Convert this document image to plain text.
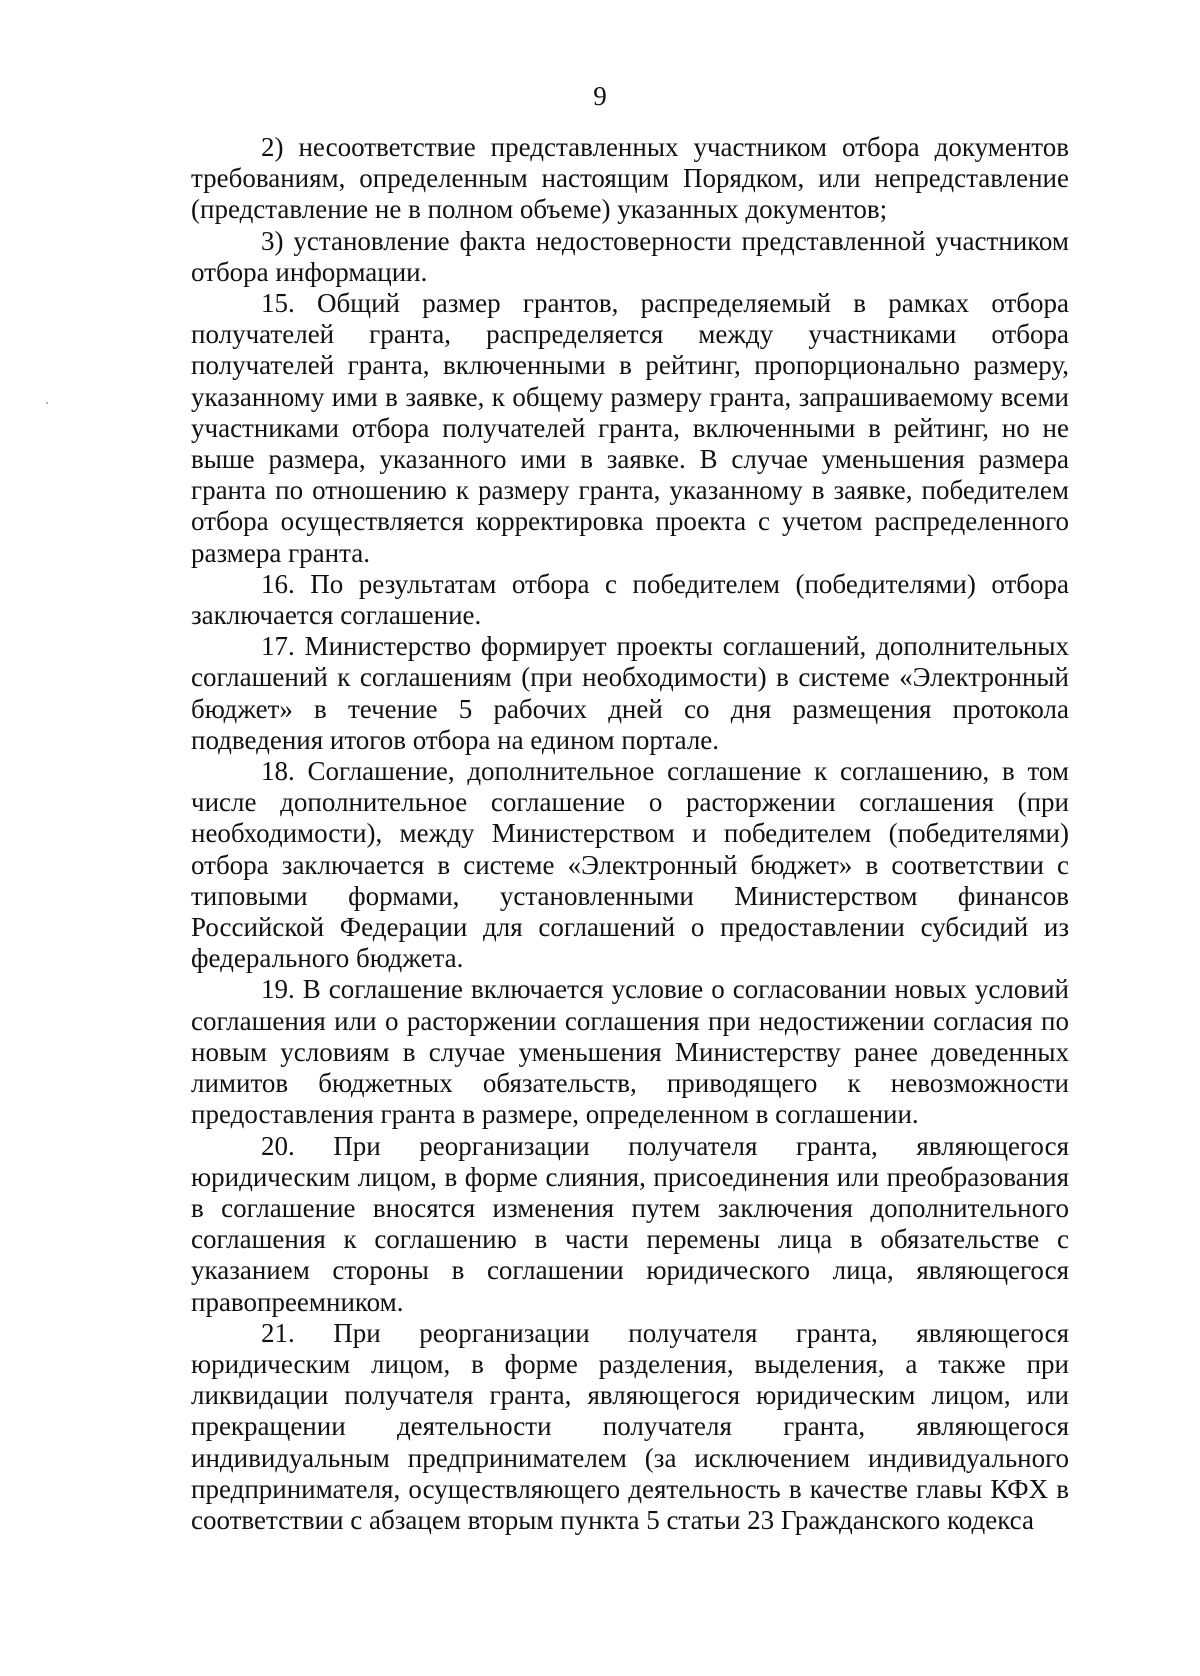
9

2) несоответствие представленных участником отбора документов требованиям, определенным настоящим Порядком, или непредставление (представление не в полном объеме) указанных документов;

3) установление факта недостоверности представленной участником отбора информации.

15. Общий размер грантов, распределяемый в рамках отбора получателей гранта, распределяется между участниками отбора получателей гранта, включенными в рейтинг, пропорционально размеру, указанному ими в заявке, к общему размеру гранта, запрашиваемому всеми участниками отбора получателей гранта, включенными в рейтинг, но не выше размера, указанного ими в заявке. В случае уменьшения размера гранта по отношению к размеру гранта, указанному в заявке, победителем отбора осуществляется корректировка проекта с учетом распределенного размера гранта.

16. По результатам отбора с победителем (победителями) отбора заключается соглашение.

17. Министерство формирует проекты соглашений, дополнительных соглашений к соглашениям (при необходимости) в системе «Электронный бюджет» в течение 5 рабочих дней со дня размещения протокола подведения итогов отбора на едином портале.

18. Соглашение, дополнительное соглашение к соглашению, в том числе дополнительное соглашение о расторжении соглашения (при необходимости), между Министерством и победителем (победителями) отбора заключается в системе «Электронный бюджет» в соответствии с типовыми формами, установленными Министерством финансов Российской Федерации для соглашений о предоставлении субсидий из федерального бюджета.

19. В соглашение включается условие о согласовании новых условий соглашения или о расторжении соглашения при недостижении согласия по новым условиям в случае уменьшения Министерству ранее доведенных лимитов бюджетных обязательств, приводящего к невозможности предоставления гранта в размере, определенном в соглашении.

20. При реорганизации получателя гранта, являющегося юридическим лицом, в форме слияния, присоединения или преобразования в соглашение вносятся изменения путем заключения дополнительного соглашения к соглашению в части перемены лица в обязательстве с указанием стороны в соглашении юридического лица, являющегося правопреемником.

21. При реорганизации получателя гранта, являющегося юридическим лицом, в форме разделения, выделения, а также при ликвидации получателя гранта, являющегося юридическим лицом, или прекращении деятельности получателя гранта, являющегося индивидуальным предпринимателем (за исключением индивидуального предпринимателя, осуществляющего деятельность в качестве главы КФХ в соответствии с абзацем вторым пункта 5 статьи 23 Гражданского кодекса
